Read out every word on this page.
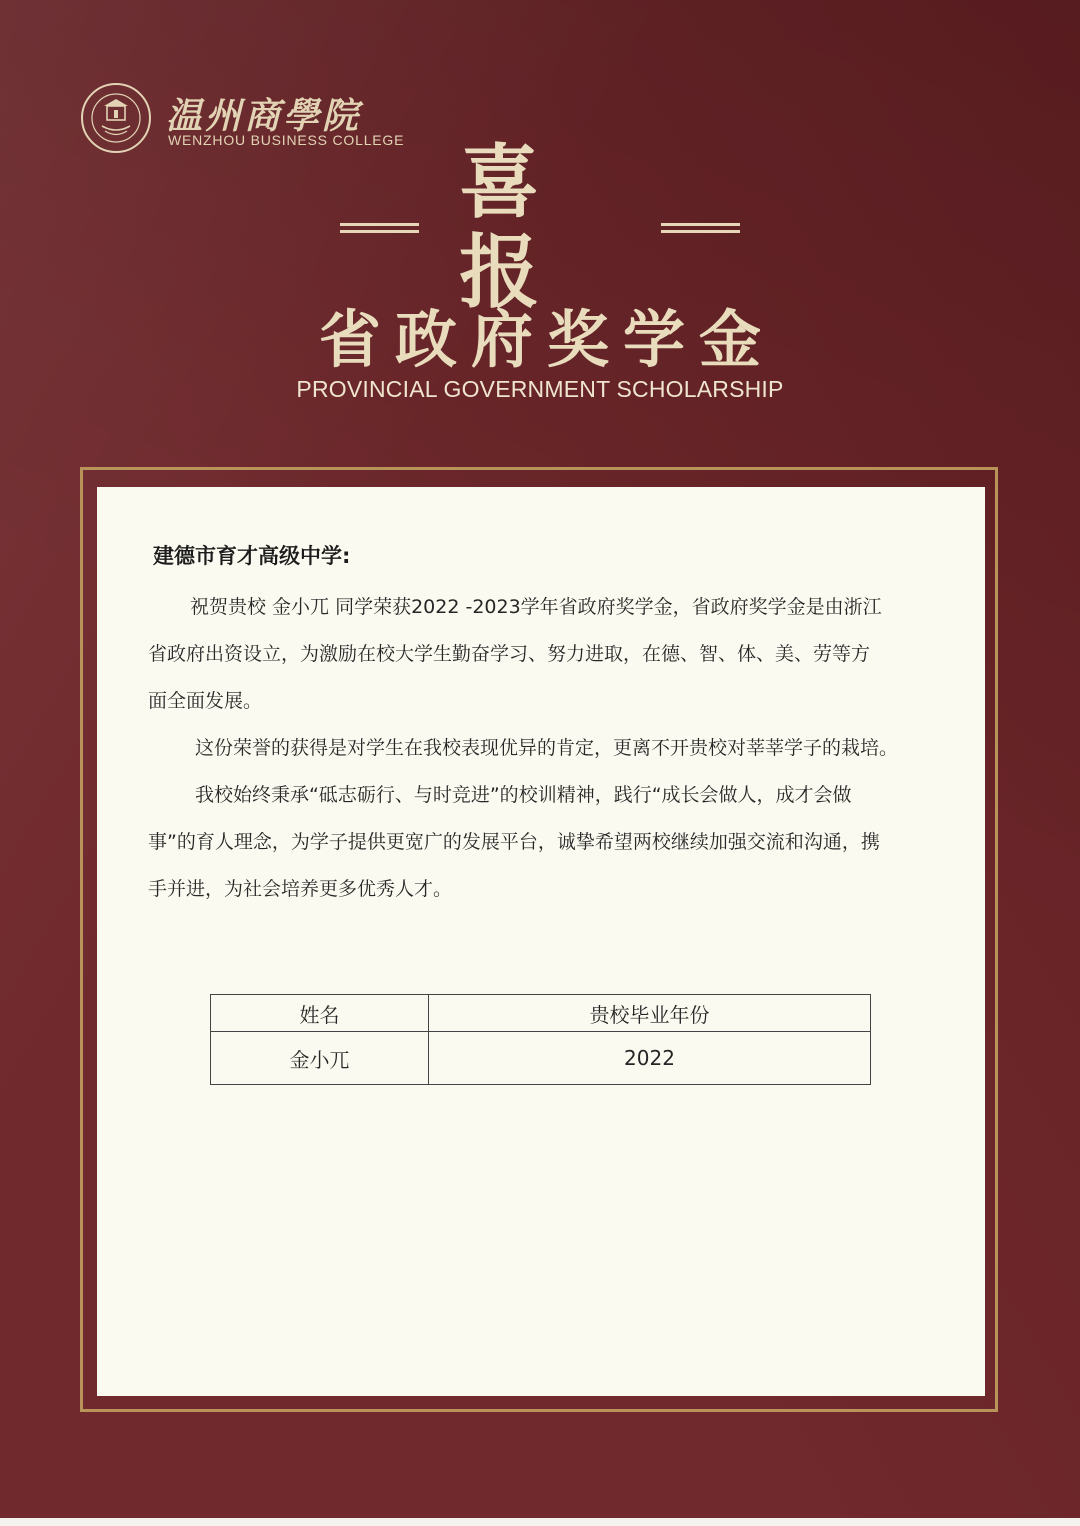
温州商學院
WENZHOU BUSINESS COLLEGE 喜报
省政府奖学金
PROVINCIAL GOVERNMENT SCHOLARSHIP
建德市育才高级中学:
祝贺贵校 金小兀 同学荣获2022 -2023学年省政府奖学金，省政府奖学金是由浙江
省政府出资设立，为激励在校大学生勤奋学习、努力进取，在德、智、体、美、劳等方
面全面发展。
这份荣誉的获得是对学生在我校表现优异的肯定，更离不开贵校对莘莘学子的栽培。
我校始终秉承“砥志砺行、与时竞进”的校训精神，践行“成长会做人，成才会做
事”的育人理念，为学子提供更宽广的发展平台，诚挚希望两校继续加强交流和沟通，携
手并进，为社会培养更多优秀人才。
姓名	贵校毕业年份
金小兀	2022
